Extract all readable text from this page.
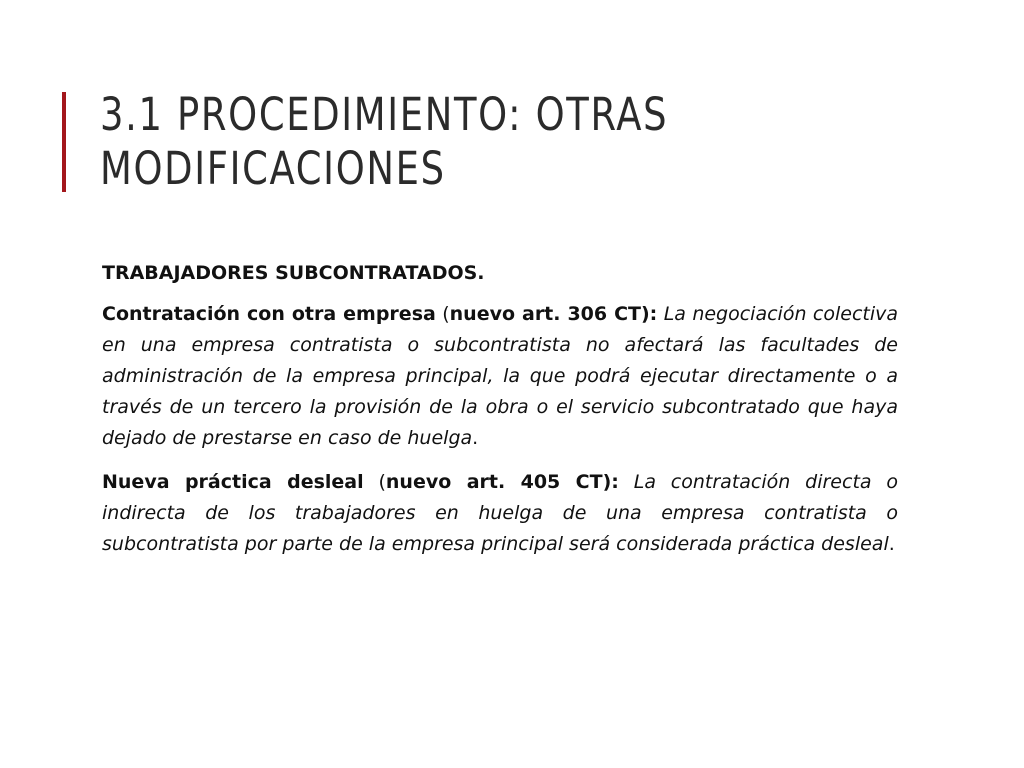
3.1 PROCEDIMIENTO: OTRAS
MODIFICACIONES

TRABAJADORES SUBCONTRATADOS.

Contratación con otra empresa (nuevo art. 306 CT): La negociación colectiva en una empresa contratista o subcontratista no afectará las facultades de administración de la empresa principal, la que podrá ejecutar directamente o a través de un tercero la provisión de la obra o el servicio subcontratado que haya dejado de prestarse en caso de huelga.

Nueva práctica desleal (nuevo art. 405 CT): La contratación directa o indirecta de los trabajadores en huelga de una empresa contratista o subcontratista por parte de la empresa principal será considerada práctica desleal.
